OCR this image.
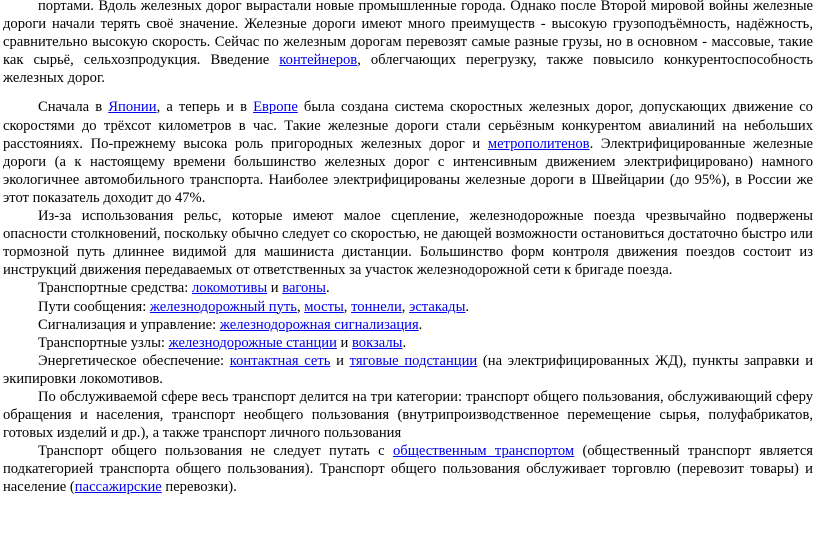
портами. Вдоль железных дорог вырастали новые промышленные города. Однако после Второй мировой войны железные дороги начали терять своё значение. Железные дороги имеют много преимуществ - высокую грузоподъёмность, надёжность, сравнительно высокую скорость. Сейчас по железным дорогам перевозят самые разные грузы, но в основном - массовые, такие как сырьё, сельхозпродукция. Введение контейнеров, облегчающих перегрузку, также повысило конкурентоспособность железных дорог.

Сначала в Японии, а теперь и в Европе была создана система скоростных железных дорог, допускающих движение со скоростями до трёхсот километров в час. Такие железные дороги стали серьёзным конкурентом авиалиний на небольших расстояниях. По-прежнему высока роль пригородных железных дорог и метрополитенов. Электрифицированные железные дороги (а к настоящему времени большинство железных дорог с интенсивным движением электрифицировано) намного экологичнее автомобильного транспорта. Наиболее электрифицированы железные дороги в Швейцарии (до 95%), в России же этот показатель доходит до 47%.

Из-за использования рельс, которые имеют малое сцепление, железнодорожные поезда чрезвычайно подвержены опасности столкновений, поскольку обычно следует со скоростью, не дающей возможности остановиться достаточно быстро или тормозной путь длиннее видимой для машиниста дистанции. Большинство форм контроля движения поездов состоит из инструкций движения передаваемых от ответственных за участок железнодорожной сети к бригаде поезда.

Транспортные средства: локомотивы и вагоны.

Пути сообщения: железнодорожный путь, мосты, тоннели, эстакады.

Сигнализация и управление: железнодорожная сигнализация.

Транспортные узлы: железнодорожные станции и вокзалы.

Энергетическое обеспечение: контактная сеть и тяговые подстанции (на электрифицированных ЖД), пункты заправки и экипировки локомотивов.

По обслуживаемой сфере весь транспорт делится на три категории: транспорт общего пользования, обслуживающий сферу обращения и населения, транспорт необщего пользования (внутрипроизводственное перемещение сырья, полуфабрикатов, готовых изделий и др.), а также транспорт личного пользования

Транспорт общего пользования не следует путать с общественным транспортом (общественный транспорт является подкатегорией транспорта общего пользования). Транспорт общего пользования обслуживает торговлю (перевозит товары) и население (пассажирские перевозки).
